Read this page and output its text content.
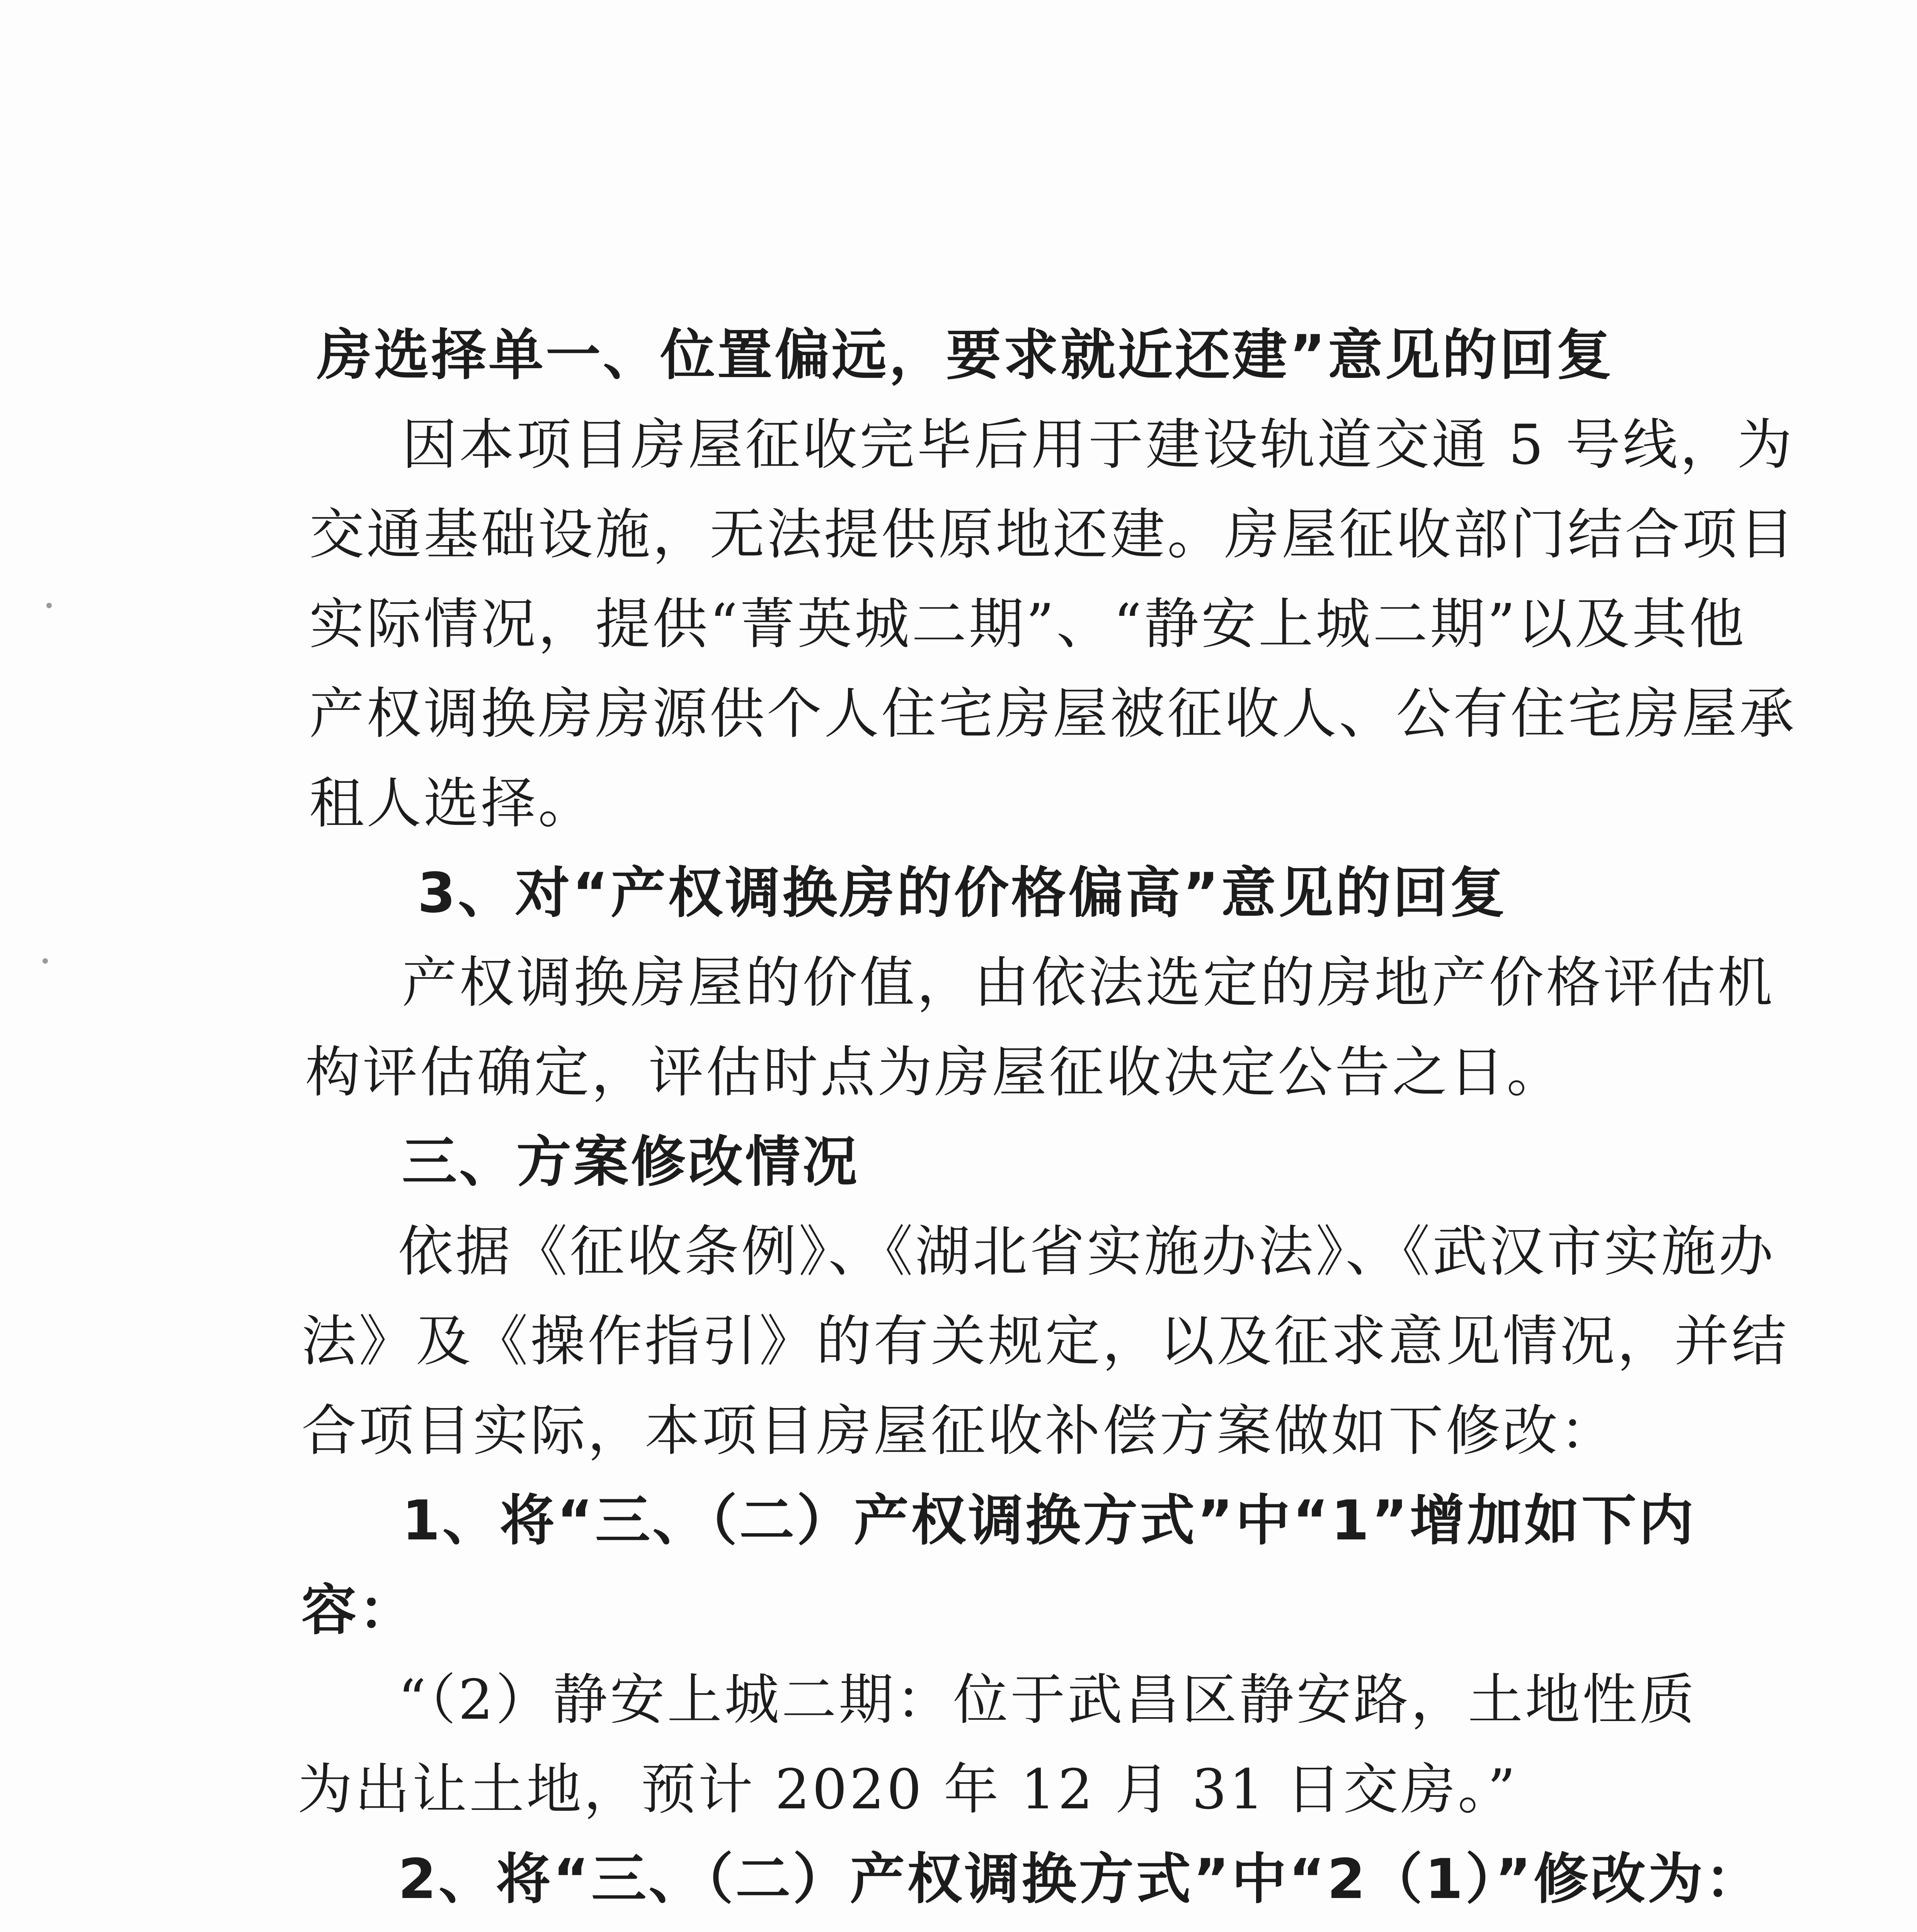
房选择单一、位置偏远，要求就近还建”意见的回复
因本项目房屋征收完毕后用于建设轨道交通 5 号线，为
交通基础设施，无法提供原地还建。房屋征收部门结合项目
实际情况，提供“菁英城二期”、“静安上城二期”以及其他
产权调换房房源供个人住宅房屋被征收人、公有住宅房屋承
租人选择。
3、对“产权调换房的价格偏高”意见的回复
产权调换房屋的价值，由依法选定的房地产价格评估机
构评估确定，评估时点为房屋征收决定公告之日。
三、方案修改情况
依据《征收条例》、《湖北省实施办法》、《武汉市实施办
法》及《操作指引》的有关规定，以及征求意见情况，并结
合项目实际，本项目房屋征收补偿方案做如下修改：
1、将“三、（二）产权调换方式”中“1”增加如下内
容：
“（2）静安上城二期：位于武昌区静安路，土地性质
为出让土地，预计 2020 年 12 月 31 日交房。”
2、将“三、（二）产权调换方式”中“2（1）”修改为：
